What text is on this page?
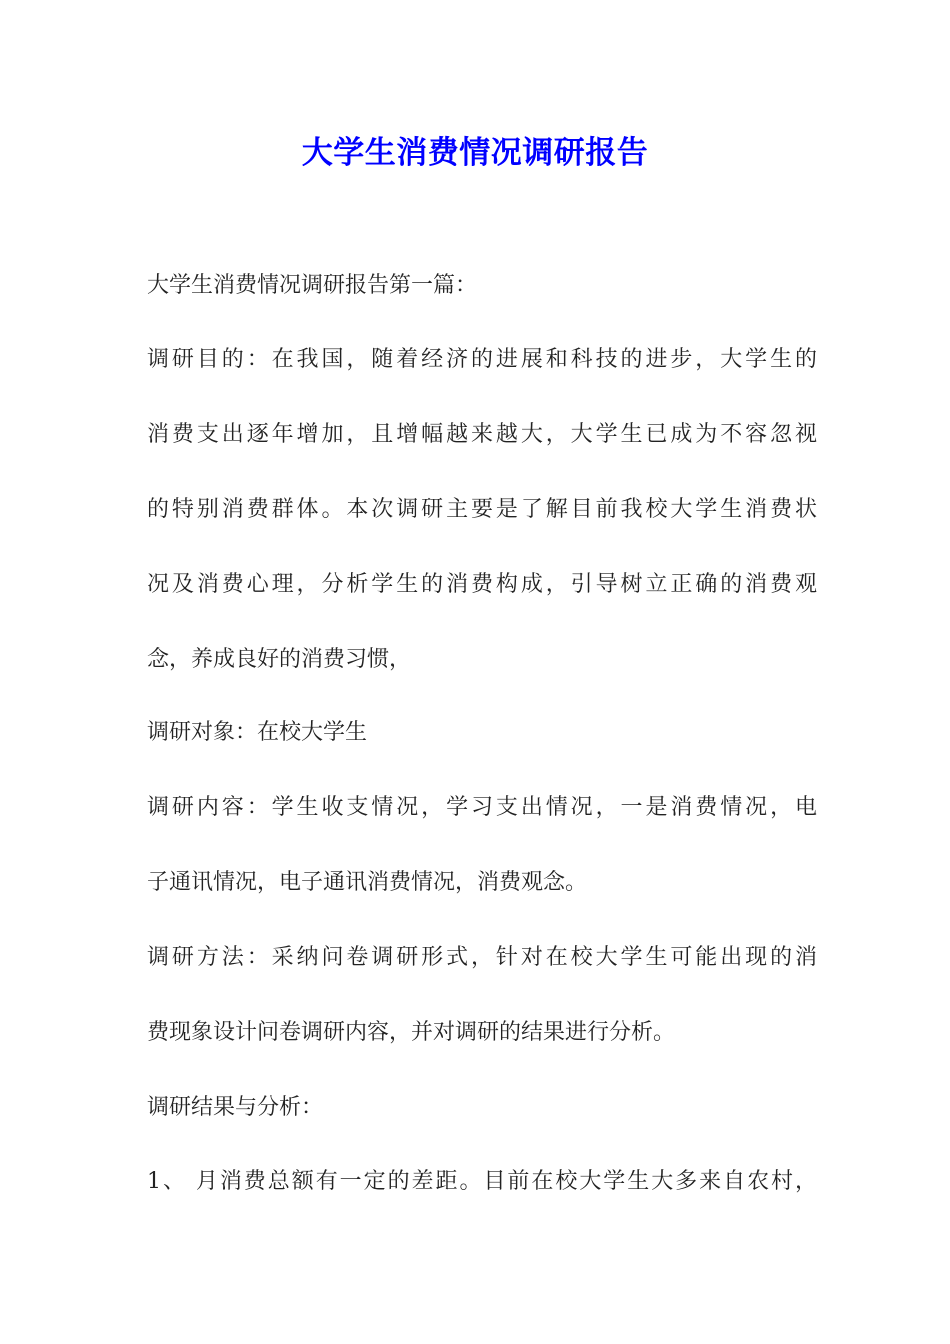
大学生消费情况调研报告
大学生消费情况调研报告第一篇：
调研目的：在我国，随着经济的进展和科技的进步，大学生的
消费支出逐年增加，且增幅越来越大，大学生已成为不容忽视
的特别消费群体。本次调研主要是了解目前我校大学生消费状
况及消费心理，分析学生的消费构成，引导树立正确的消费观
念，养成良好的消费习惯，
调研对象：在校大学生
调研内容：学生收支情况，学习支出情况，一是消费情况，电
子通讯情况，电子通讯消费情况，消费观念。
调研方法：采纳问卷调研形式，针对在校大学生可能出现的消
费现象设计问卷调研内容，并对调研的结果进行分析。
调研结果与分析：
1、 月消费总额有一定的差距。目前在校大学生大多来自农村，
